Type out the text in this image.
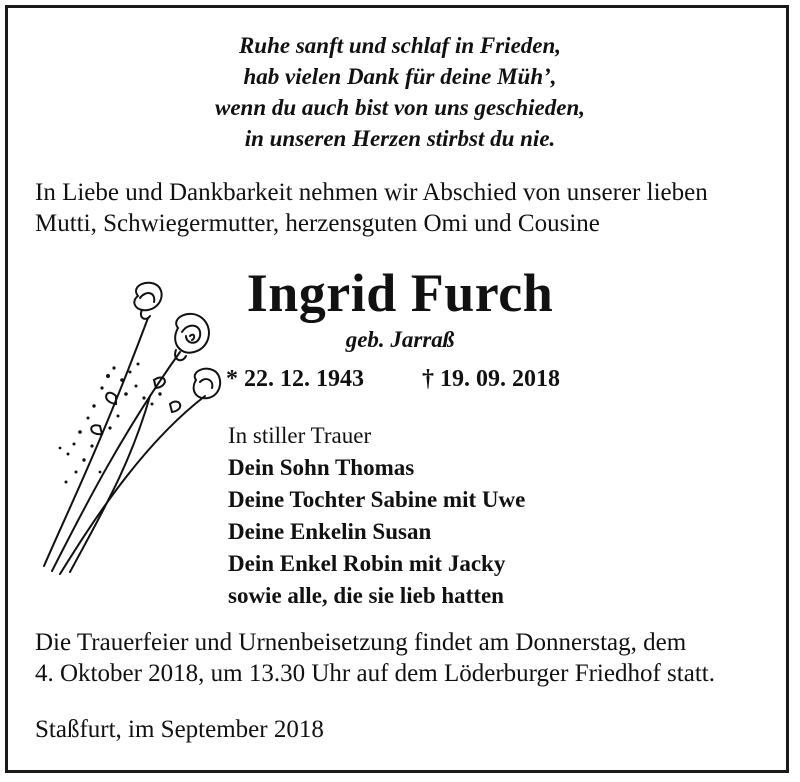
Ruhe sanft und schlaf in Frieden,
hab vielen Dank für deine Müh’,
wenn du auch bist von uns geschieden,
in unseren Herzen stirbst du nie.
In Liebe und Dankbarkeit nehmen wir Abschied von unserer lieben
Mutti, Schwiegermutter, herzensguten Omi und Cousine
Ingrid Furch
geb. Jarraß
* 22. 12. 1943 † 19. 09. 2018
In stiller Trauer
Dein Sohn Thomas
Deine Tochter Sabine mit Uwe
Deine Enkelin Susan
Dein Enkel Robin mit Jacky
sowie alle, die sie lieb hatten
Die Trauerfeier und Urnenbeisetzung findet am Donnerstag, dem
4. Oktober 2018, um 13.30 Uhr auf dem Löderburger Friedhof statt.
Staßfurt, im September 2018
